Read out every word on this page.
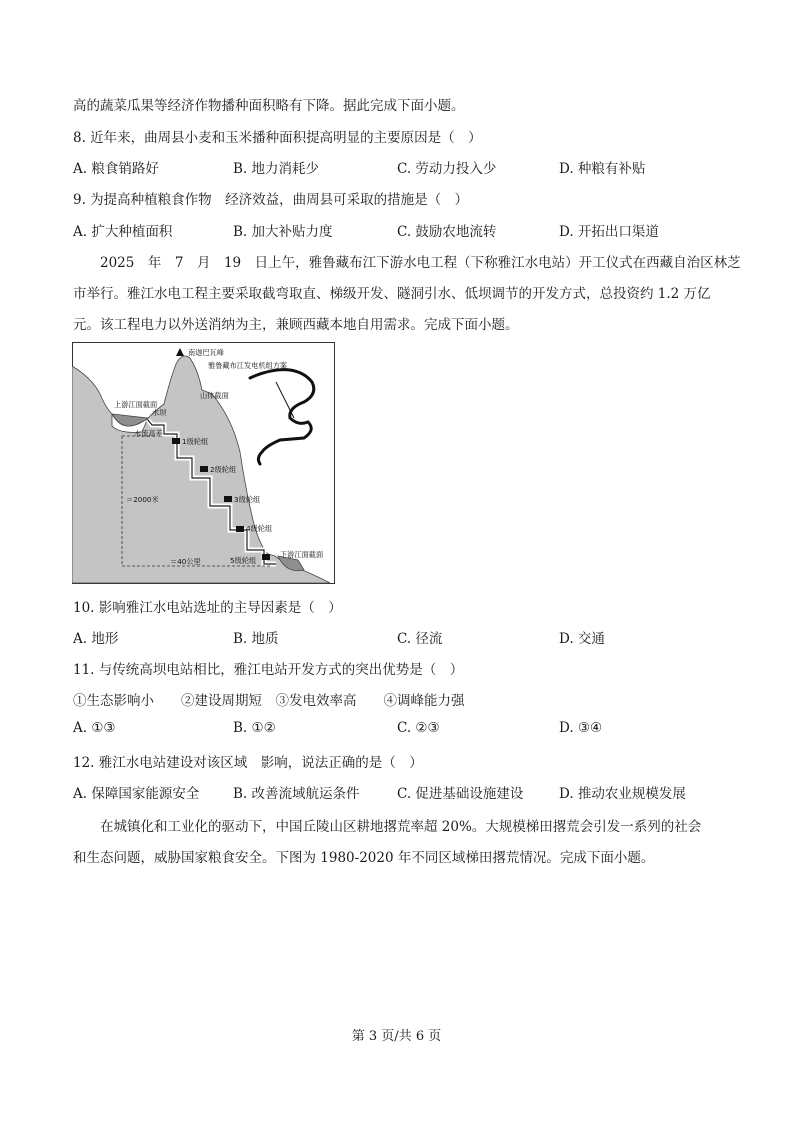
高的蔬菜瓜果等经济作物播种面积略有下降。据此完成下面小题。
8. 近年来，曲周县小麦和玉米播种面积提高明显的主要原因是（　）
A. 粮食销路好	B. 地力消耗少	C. 劳动力投入少	D. 种粮有补贴
9. 为提高种植粮食作物　经济效益，曲周县可采取的措施是（　）
A. 扩大种植面积	B. 加大补贴力度	C. 鼓励农地流转	D. 开拓出口渠道
2025　年　7　月　19　日上午，雅鲁藏布江下游水电工程（下称雅江水电站）开工仪式在西藏自治区林芝
市举行。雅江水电工程主要采取截弯取直、梯级开发、隧洞引水、低坝调节的开发方式，总投资约 1.2 万亿
元。该工程电力以外送消纳为主，兼顾西藏本地自用需求。完成下面小题。
南迦巴瓦峰
雅鲁藏布江发电机组方案
山体截面
上游江面截面
水坝
水流高差
＝2000米
＝40公里
1级轮组
2级轮组
3级轮组
4级轮组
5级轮组
下游江面截面
10. 影响雅江水电站选址的主导因素是（　）
A. 地形	B. 地质	C. 径流	D. 交通
11. 与传统高坝电站相比，雅江电站开发方式的突出优势是（　）
①生态影响小　　②建设周期短　③发电效率高　　④调峰能力强
A. ①③	B. ①②	C. ②③	D. ③④
12. 雅江水电站建设对该区域　影响，说法正确的是（　）
A. 保障国家能源安全 B. 改善流域航运条件	C. 促进基础设施建设	D. 推动农业规模发展
在城镇化和工业化的驱动下，中国丘陵山区耕地撂荒率超 20%。大规模梯田撂荒会引发一系列的社会
和生态问题，威胁国家粮食安全。下图为 1980-2020 年不同区域梯田撂荒情况。完成下面小题。
第 3 页/共 6 页
